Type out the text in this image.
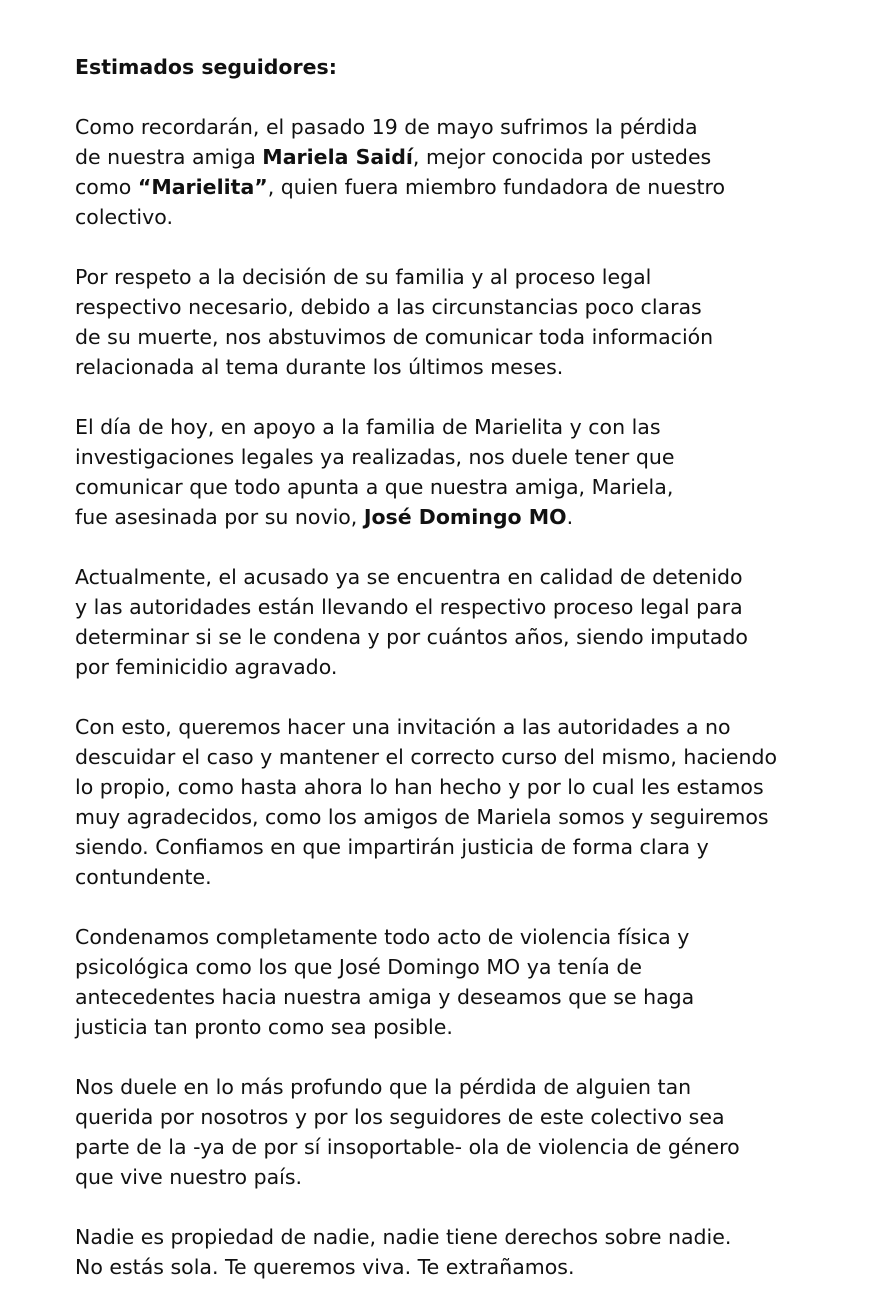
Estimados seguidores:
Como recordarán, el pasado 19 de mayo sufrimos la pérdida
de nuestra amiga Mariela Saidí, mejor conocida por ustedes
como “Marielita”, quien fuera miembro fundadora de nuestro
colectivo.
Por respeto a la decisión de su familia y al proceso legal
respectivo necesario, debido a las circunstancias poco claras
de su muerte, nos abstuvimos de comunicar toda información
relacionada al tema durante los últimos meses.
El día de hoy, en apoyo a la familia de Marielita y con las
investigaciones legales ya realizadas, nos duele tener que
comunicar que todo apunta a que nuestra amiga, Mariela,
fue asesinada por su novio, José Domingo MO.
Actualmente, el acusado ya se encuentra en calidad de detenido
y las autoridades están llevando el respectivo proceso legal para
determinar si se le condena y por cuántos años, siendo imputado
por feminicidio agravado.
Con esto, queremos hacer una invitación a las autoridades a no
descuidar el caso y mantener el correcto curso del mismo, haciendo
lo propio, como hasta ahora lo han hecho y por lo cual les estamos
muy agradecidos, como los amigos de Mariela somos y seguiremos
siendo. Confiamos en que impartirán justicia de forma clara y
contundente.
Condenamos completamente todo acto de violencia física y
psicológica como los que José Domingo MO ya tenía de
antecedentes hacia nuestra amiga y deseamos que se haga
justicia tan pronto como sea posible.
Nos duele en lo más profundo que la pérdida de alguien tan
querida por nosotros y por los seguidores de este colectivo sea
parte de la -ya de por sí insoportable- ola de violencia de género
que vive nuestro país.
Nadie es propiedad de nadie, nadie tiene derechos sobre nadie.
No estás sola. Te queremos viva. Te extrañamos.
